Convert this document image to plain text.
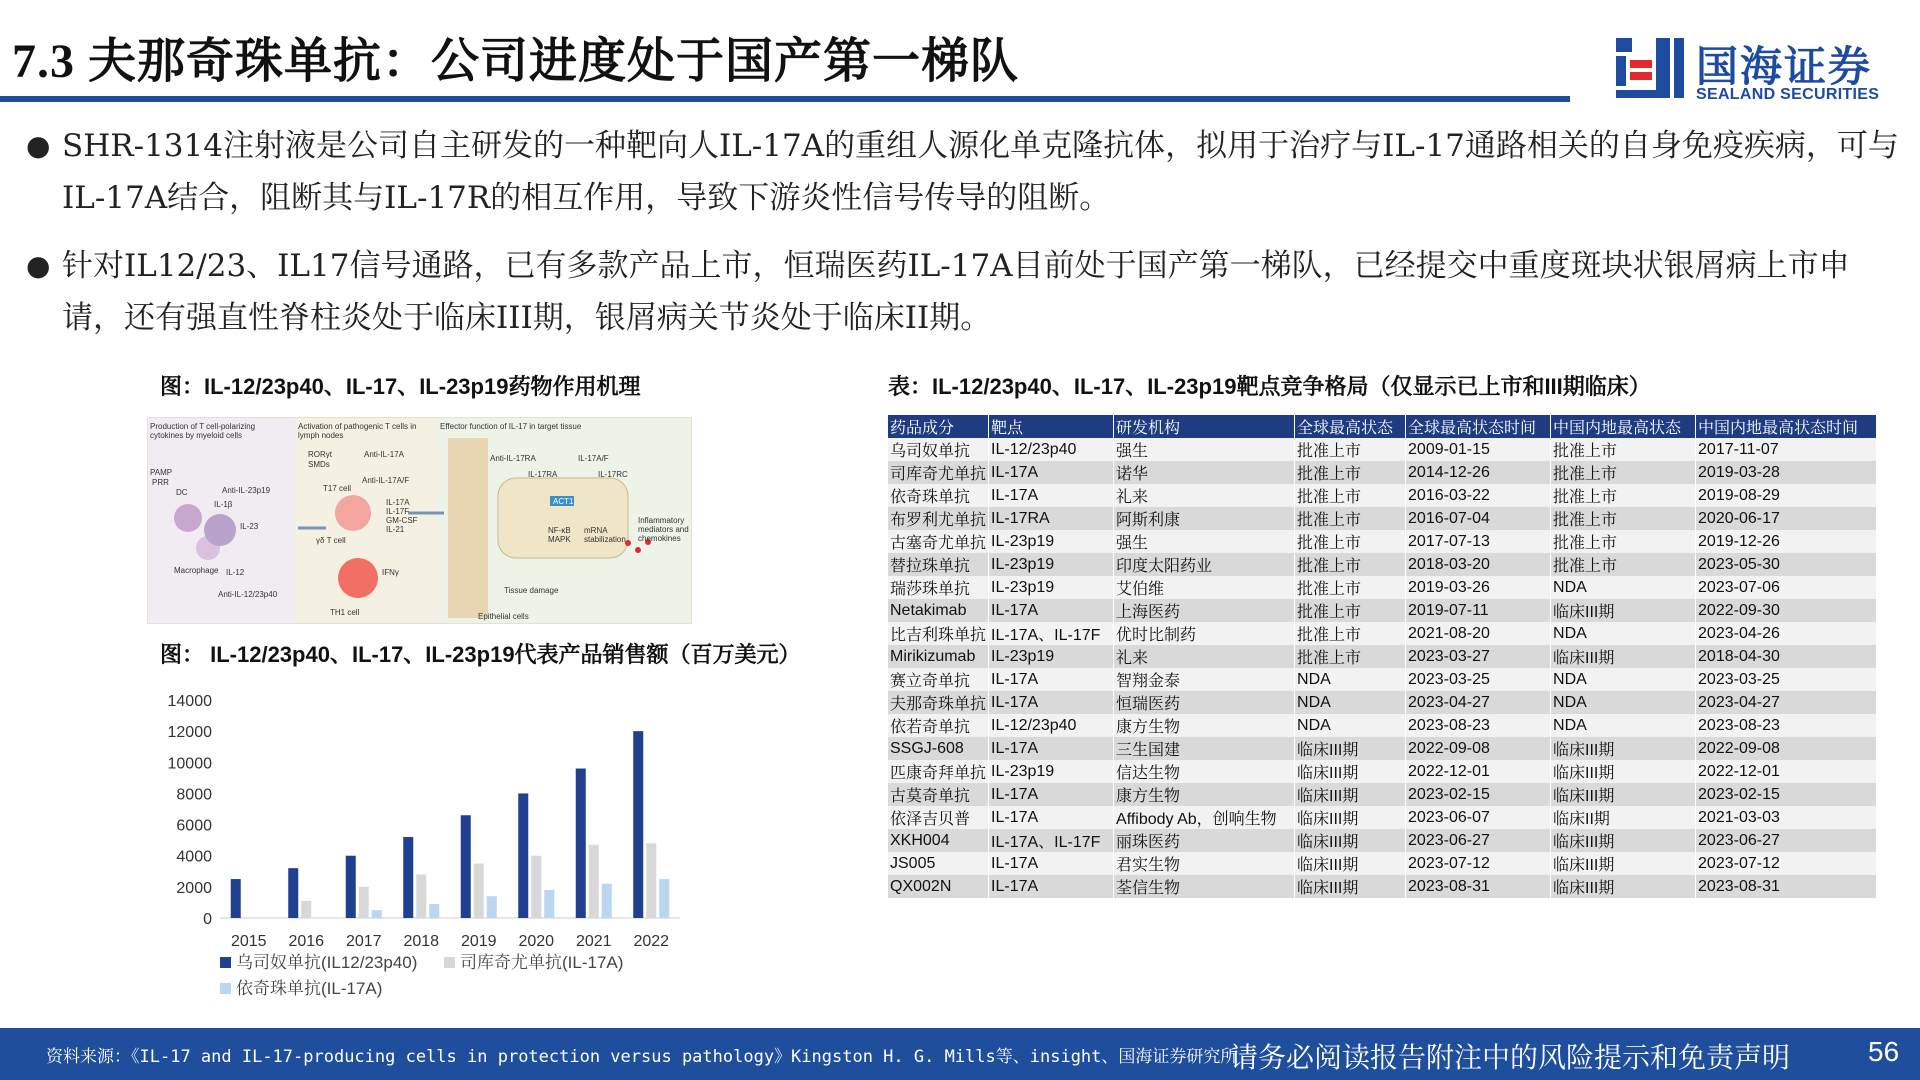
7.3 夫那奇珠单抗：公司进度处于国产第一梯队	国海证券
SEALAND SECURITIES
● SHR-1314注射液是公司自主研发的一种靶向人IL-17A的重组人源化单克隆抗体，拟用于治疗与IL-17通路相关的自身免疫疾病，可与IL-17A结合，阻断其与IL-17R的相互作用，导致下游炎性信号传导的阻断。
● 针对IL12/23、IL17信号通路，已有多款产品上市，恒瑞医药IL-17A目前处于国产第一梯队，已经提交中重度斑块状银屑病上市申请，还有强直性脊柱炎处于临床III期，银屑病关节炎处于临床II期。
图：IL-12/23p40、IL-17、IL-23p19药物作用机理
Production of T cell-polarizing cytokines by myeloid cells
Activation of pathogenic T cells in lymph nodes
Effector function of IL-17 in target tissue
PAMP
PRR
DC
IL-1β
IL-23
IL-12
Macrophage
Anti-IL-23p19
Anti-IL-12/23p40
RORγt
SMDs
T17 cell
Anti-IL-17A
Anti-IL-17A/F
IL-17A
IL-17F
GM-CSF
IL-21
γδ T cell
IFNγ
TH1 cell
Anti-IL-17RA	IL-17A/F
IL-17RA	IL-17RC
ACT1
NF-κB
MAPK
mRNA stabilization
Inflammatory mediators and chemokines
Tissue damage
Epithelial cells
图： IL-12/23p40、IL-17、IL-23p19代表产品销售额（百万美元）
0
2000
4000
6000
8000
10000
12000
14000
2015 2016 2017 2018 2019 2020 2021 2022
乌司奴单抗(IL12/23p40)	司库奇尤单抗(IL-17A)
依奇珠单抗(IL-17A)
表：IL-12/23p40、IL-17、IL-23p19靶点竞争格局（仅显示已上市和III期临床）
药品成分	靶点	研发机构	全球最高状态	全球最高状态时间	中国内地最高状态	中国内地最高状态时间
乌司奴单抗	IL-12/23p40	强生	批准上市	2009-01-15	批准上市	2017-11-07
司库奇尤单抗	IL-17A	诺华	批准上市	2014-12-26	批准上市	2019-03-28
依奇珠单抗	IL-17A	礼来	批准上市	2016-03-22	批准上市	2019-08-29
布罗利尤单抗	IL-17RA	阿斯利康	批准上市	2016-07-04	批准上市	2020-06-17
古塞奇尤单抗	IL-23p19	强生	批准上市	2017-07-13	批准上市	2019-12-26
替拉珠单抗	IL-23p19	印度太阳药业	批准上市	2018-03-20	批准上市	2023-05-30
瑞莎珠单抗	IL-23p19	艾伯维	批准上市	2019-03-26	NDA	2023-07-06
Netakimab	IL-17A	上海医药	批准上市	2019-07-11	临床III期	2022-09-30
比吉利珠单抗	IL-17A、IL-17F	优时比制药	批准上市	2021-08-20	NDA	2023-04-26
Mirikizumab	IL-23p19	礼来	批准上市	2023-03-27	临床III期	2018-04-30
赛立奇单抗	IL-17A	智翔金泰	NDA	2023-03-25	NDA	2023-03-25
夫那奇珠单抗	IL-17A	恒瑞医药	NDA	2023-04-27	NDA	2023-04-27
依若奇单抗	IL-12/23p40	康方生物	NDA	2023-08-23	NDA	2023-08-23
SSGJ-608	IL-17A	三生国建	临床III期	2022-09-08	临床III期	2022-09-08
匹康奇拜单抗	IL-23p19	信达生物	临床III期	2022-12-01	临床III期	2022-12-01
古莫奇单抗	IL-17A	康方生物	临床III期	2023-02-15	临床III期	2023-02-15
依泽吉贝普	IL-17A	Affibody Ab，创响生物	临床III期	2023-06-07	临床II期	2021-03-03
XKH004	IL-17A、IL-17F	丽珠医药	临床III期	2023-06-27	临床III期	2023-06-27
JS005	IL-17A	君实生物	临床III期	2023-07-12	临床III期	2023-07-12
QX002N	IL-17A	荃信生物	临床III期	2023-08-31	临床III期	2023-08-31
资料来源：《IL-17 and IL-17-producing cells in protection versus pathology》Kingston H. G. Mills等、insight、国海证券研究所
请务必阅读报告附注中的风险提示和免责声明	56
